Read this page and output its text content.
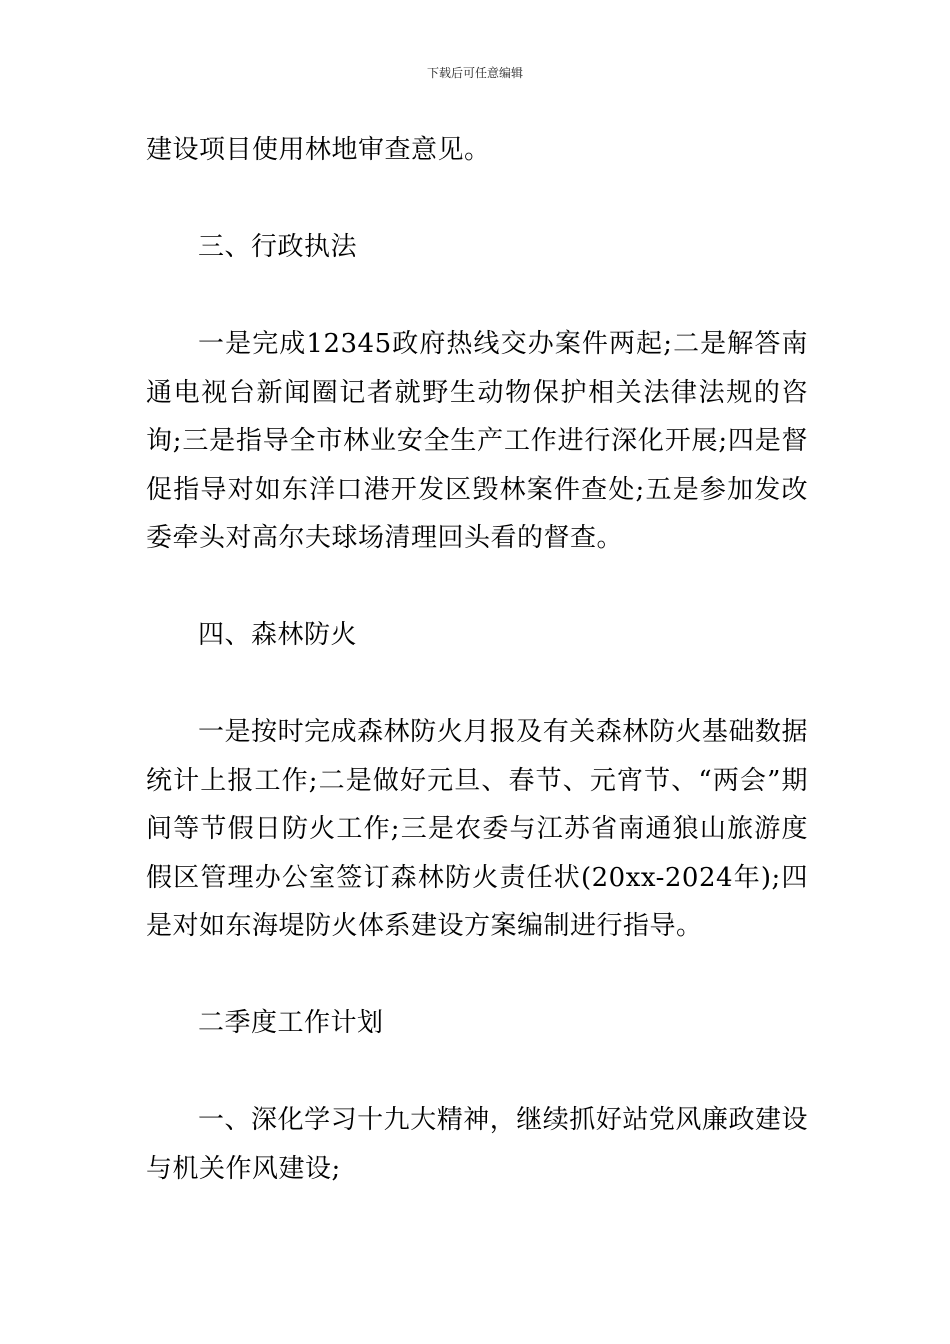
下载后可任意编辑

建设项目使用林地审查意见。

三、行政执法

一是完成12345政府热线交办案件两起;二是解答南通电视台新闻圈记者就野生动物保护相关法律法规的咨询;三是指导全市林业安全生产工作进行深化开展;四是督促指导对如东洋口港开发区毁林案件查处;五是参加发改委牵头对高尔夫球场清理回头看的督查。

四、森林防火

一是按时完成森林防火月报及有关森林防火基础数据统计上报工作;二是做好元旦、春节、元宵节、“两会”期间等节假日防火工作;三是农委与江苏省南通狼山旅游度假区管理办公室签订森林防火责任状(20xx-2024年);四是对如东海堤防火体系建设方案编制进行指导。

二季度工作计划

一、深化学习十九大精神，继续抓好站党风廉政建设与机关作风建设;
